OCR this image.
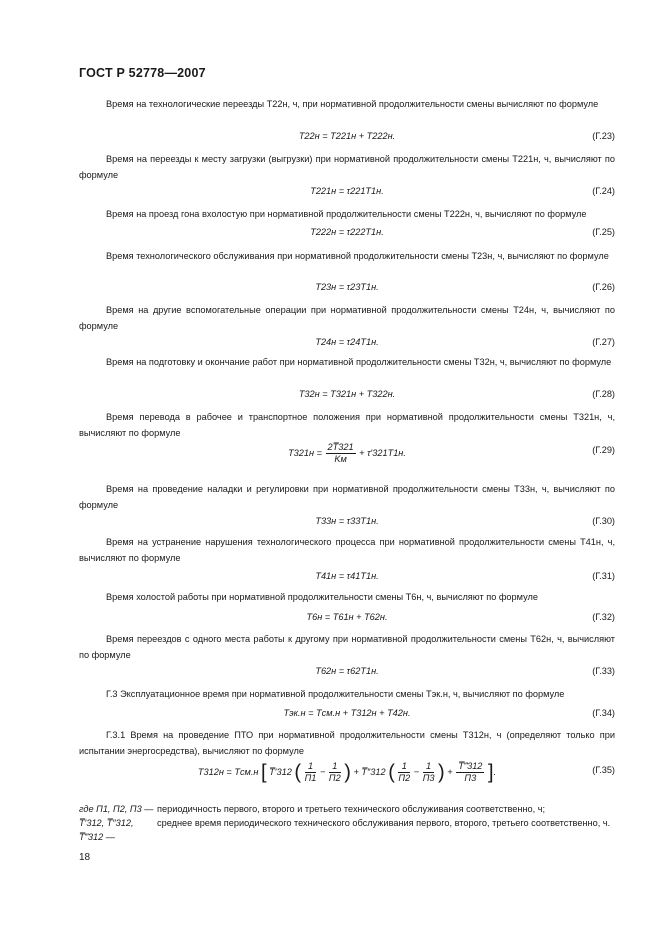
ГОСТ Р 52778—2007
Время на технологические переезды T22н, ч, при нормативной продолжительности смены вычисляют по формуле
T22н = T221н + T222н.	(Г.23)
Время на переезды к месту загрузки (выгрузки) при нормативной продолжительности смены T221н, ч, вычисляют по формуле
T221н = τ221T1н.	(Г.24)
Время на проезд гона вхолостую при нормативной продолжительности смены T222н, ч, вычисляют по формуле
T222н = τ222T1н.	(Г.25)
Время технологического обслуживания при нормативной продолжительности смены T23н, ч, вычисляют по формуле
T23н = τ23T1н.	(Г.26)
Время на другие вспомогательные операции при нормативной продолжительности смены T24н, ч, вычисляют по формуле
T24н = τ24T1н.	(Г.27)
Время на подготовку и окончание работ при нормативной продолжительности смены T32н, ч, вычисляют по формуле
T32н = T321н + T322н.	(Г.28)
Время перевода в рабочее и транспортное положения при нормативной продолжительности смены T321н, ч, вычисляют по формуле
$T321н = \frac{2T̅321}{Kм} + \tau'321T1н$.	(Г.29)
Время на проведение наладки и регулировки при нормативной продолжительности смены T33н, ч, вычисляют по формуле
T33н = τ33T1н.	(Г.30)
Время на устранение нарушения технологического процесса при нормативной продолжительности смены T41н, ч, вычисляют по формуле
T41н = τ41T1н.	(Г.31)
Время холостой работы при нормативной продолжительности смены T6н, ч, вычисляют по формуле
T6н = T61н + T62н.	(Г.32)
Время переездов с одного места работы к другому при нормативной продолжительности смены T62н, ч, вычисляют по формуле
T62н = τ62T1н.	(Г.33)
Г.3 Эксплуатационное время при нормативной продолжительности смены Tэк.н, ч, вычисляют по формуле
Tэк.н = Tсм.н + T312н + T42н.	(Г.34)
Г.3.1 Время на проведение ПТО при нормативной продолжительности смены T312н, ч (определяют только при испытании энергосредства), вычисляют по формуле
T312н = Tсм.н [ T̅′312 ( $\frac{1}{П1} - \frac{1}{П2}$ ) + T̅″312 ( $\frac{1}{П2} - \frac{1}{П3}$ ) + $\frac{T̅‴312}{П3}$ ].	(Г.35)
где П1, П2, П3 — периодичность первого, второго и третьего технического обслуживания соответственно, ч;
T̅′312, T̅″312, T̅‴312 —среднее время периодического технического обслуживания первого, второго, третьего соответственно, ч.
18
